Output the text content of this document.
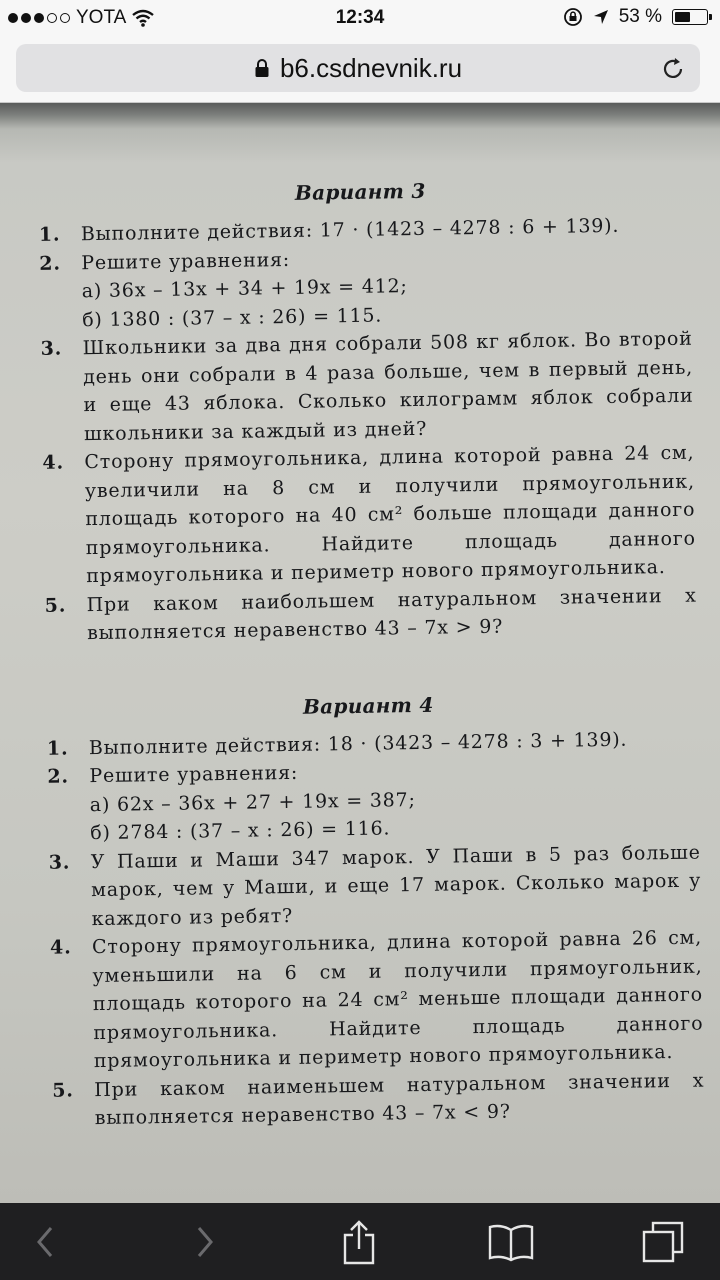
YOTA	12:34	53 %
b6.csdnevnik.ru
Вариант 3
1. Выполните действия: 17 · (1423 – 4278 : 6 + 139).
2. Решите уравнения:
а) 36x – 13x + 34 + 19x = 412;
б) 1380 : (37 – x : 26) = 115.
3. Школьники за два дня собрали 508 кг яблок. Во второй день они собрали в 4 раза больше, чем в первый день, и еще 43 яблока. Сколько килограмм яблок собрали школьники за каждый из дней?
4. Сторону прямоугольника, длина которой равна 24 см, увеличили на 8 см и получили прямоугольник, площадь которого на 40 см² больше площади данного прямоугольника. Найдите площадь данного прямоугольника и периметр нового прямоугольника.
5. При каком наибольшем натуральном значении x выполняется неравенство 43 – 7x > 9?
Вариант 4
1. Выполните действия: 18 · (3423 – 4278 : 3 + 139).
2. Решите уравнения:
а) 62x – 36x + 27 + 19x = 387;
б) 2784 : (37 – x : 26) = 116.
3. У Паши и Маши 347 марок. У Паши в 5 раз больше марок, чем у Маши, и еще 17 марок. Сколько марок у каждого из ребят?
4. Сторону прямоугольника, длина которой равна 26 см, уменьшили на 6 см и получили прямоугольник, площадь которого на 24 см² меньше площади данного прямоугольника. Найдите площадь данного прямоугольника и периметр нового прямоугольника.
5. При каком наименьшем натуральном значении x выполняется неравенство 43 – 7x < 9?
